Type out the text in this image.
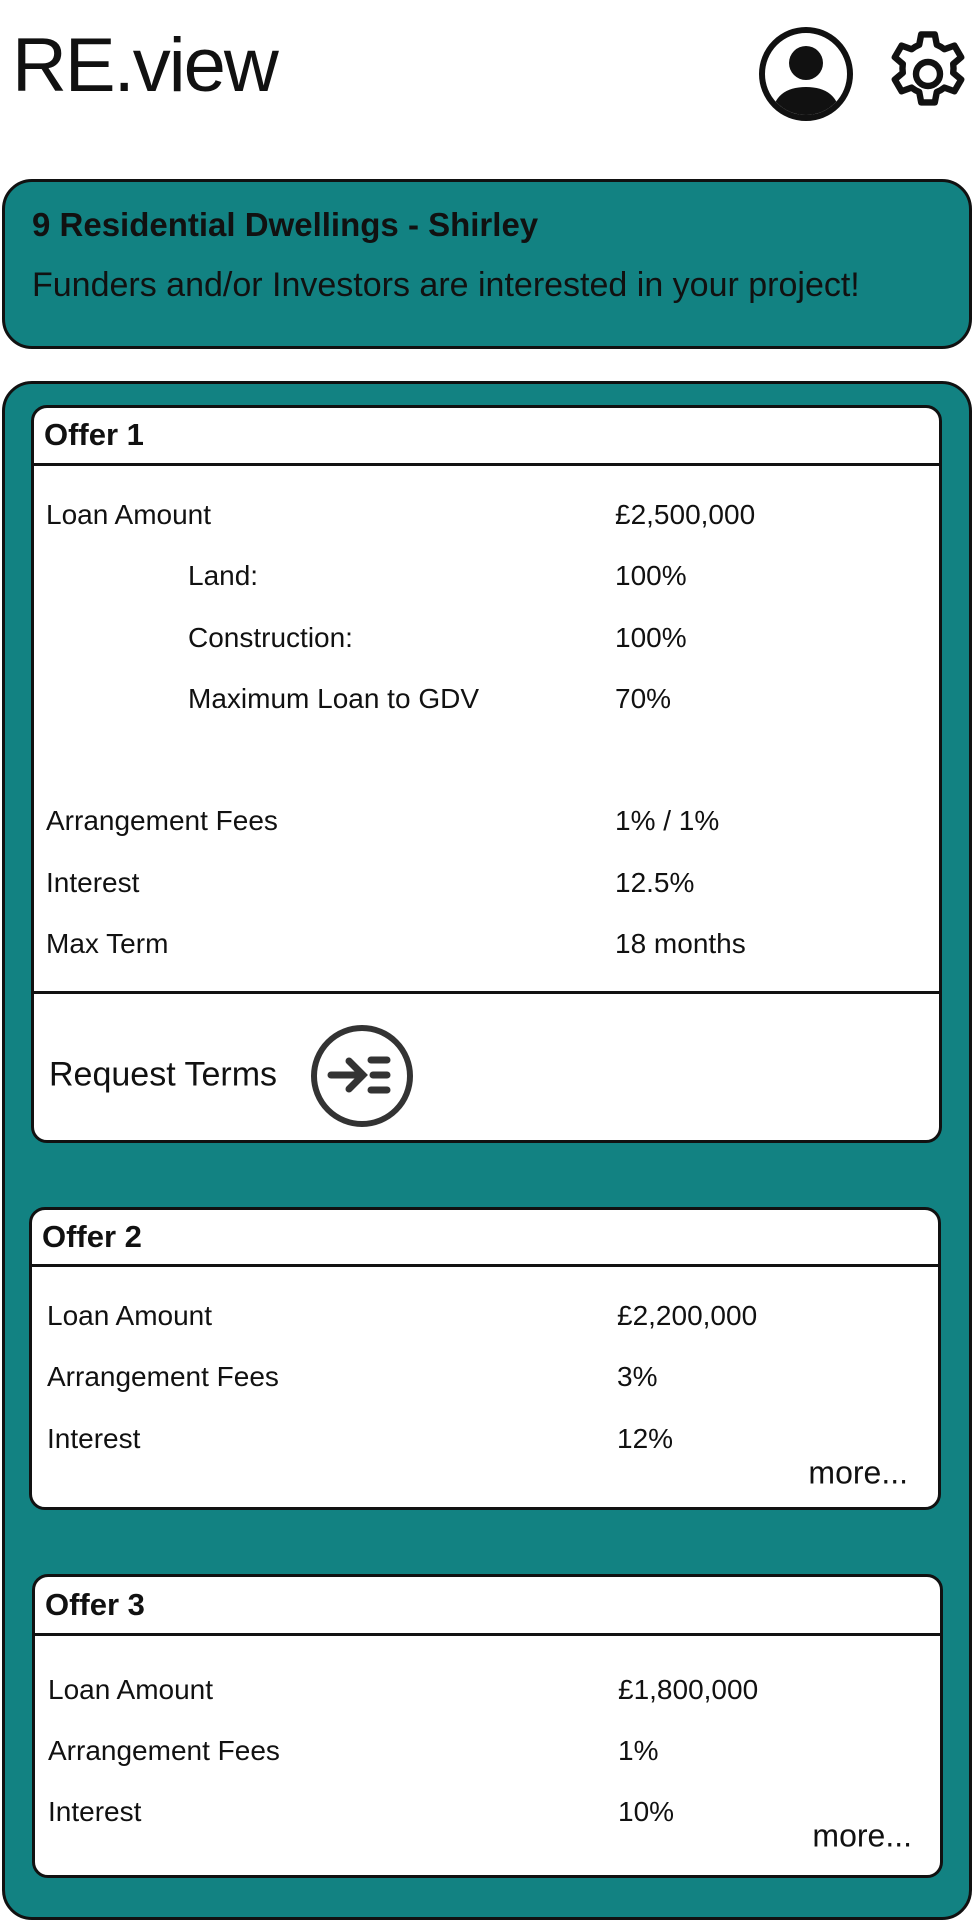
RE.view
9 Residential Dwellings - Shirley
Funders and/or Investors are interested in your project!
Offer 1
Loan Amount	£2,500,000
Land:	100%
Construction:	100%
Maximum Loan to GDV	70%
Arrangement Fees	1% / 1%
Interest	12.5%
Max Term	18 months
Request Terms
Offer 2
Loan Amount	£2,200,000
Arrangement Fees	3%
Interest	12%
more...
Offer 3
Loan Amount	£1,800,000
Arrangement Fees	1%
Interest	10%
more...
